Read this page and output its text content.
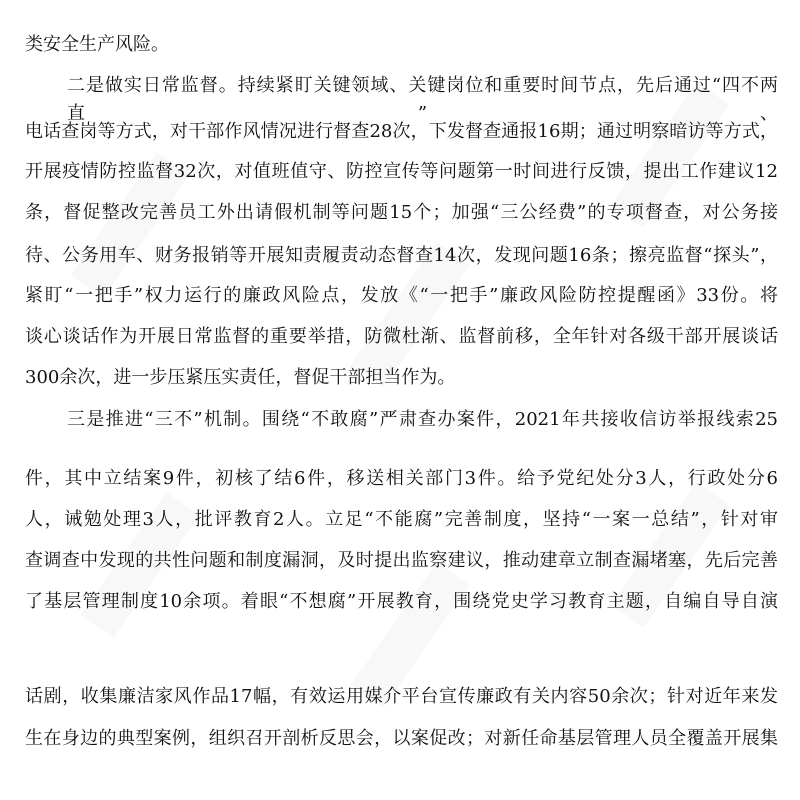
类安全生产风险。
二是做实日常监督。持续紧盯关键领域、关键岗位和重要时间节点，先后通过“四不两直”、
电话查岗等方式，对干部作风情况进行督查28次，下发督查通报16期；通过明察暗访等方式，
开展疫情防控监督32次，对值班值守、防控宣传等问题第一时间进行反馈，提出工作建议12
条，督促整改完善员工外出请假机制等问题15个；加强“三公经费”的专项督查，对公务接
待、公务用车、财务报销等开展知责履责动态督查14次，发现问题16条；擦亮监督“探头”，
紧盯“一把手”权力运行的廉政风险点，发放《“一把手”廉政风险防控提醒函》33份。将
谈心谈话作为开展日常监督的重要举措，防微杜渐、监督前移，全年针对各级干部开展谈话
300余次，进一步压紧压实责任，督促干部担当作为。
三是推进“三不”机制。围绕“不敢腐”严肃查办案件，2021年共接收信访举报线索25
件，其中立结案9件，初核了结6件，移送相关部门3件。给予党纪处分3人，行政处分6
人，诫勉处理3人，批评教育2人。立足“不能腐”完善制度，坚持“一案一总结”，针对审
查调查中发现的共性问题和制度漏洞，及时提出监察建议，推动建章立制查漏堵塞，先后完善
了基层管理制度10余项。着眼“不想腐”开展教育，围绕党史学习教育主题，自编自导自演
话剧，收集廉洁家风作品17幅，有效运用媒介平台宣传廉政有关内容50余次；针对近年来发
生在身边的典型案例，组织召开剖析反思会，以案促改；对新任命基层管理人员全覆盖开展集
